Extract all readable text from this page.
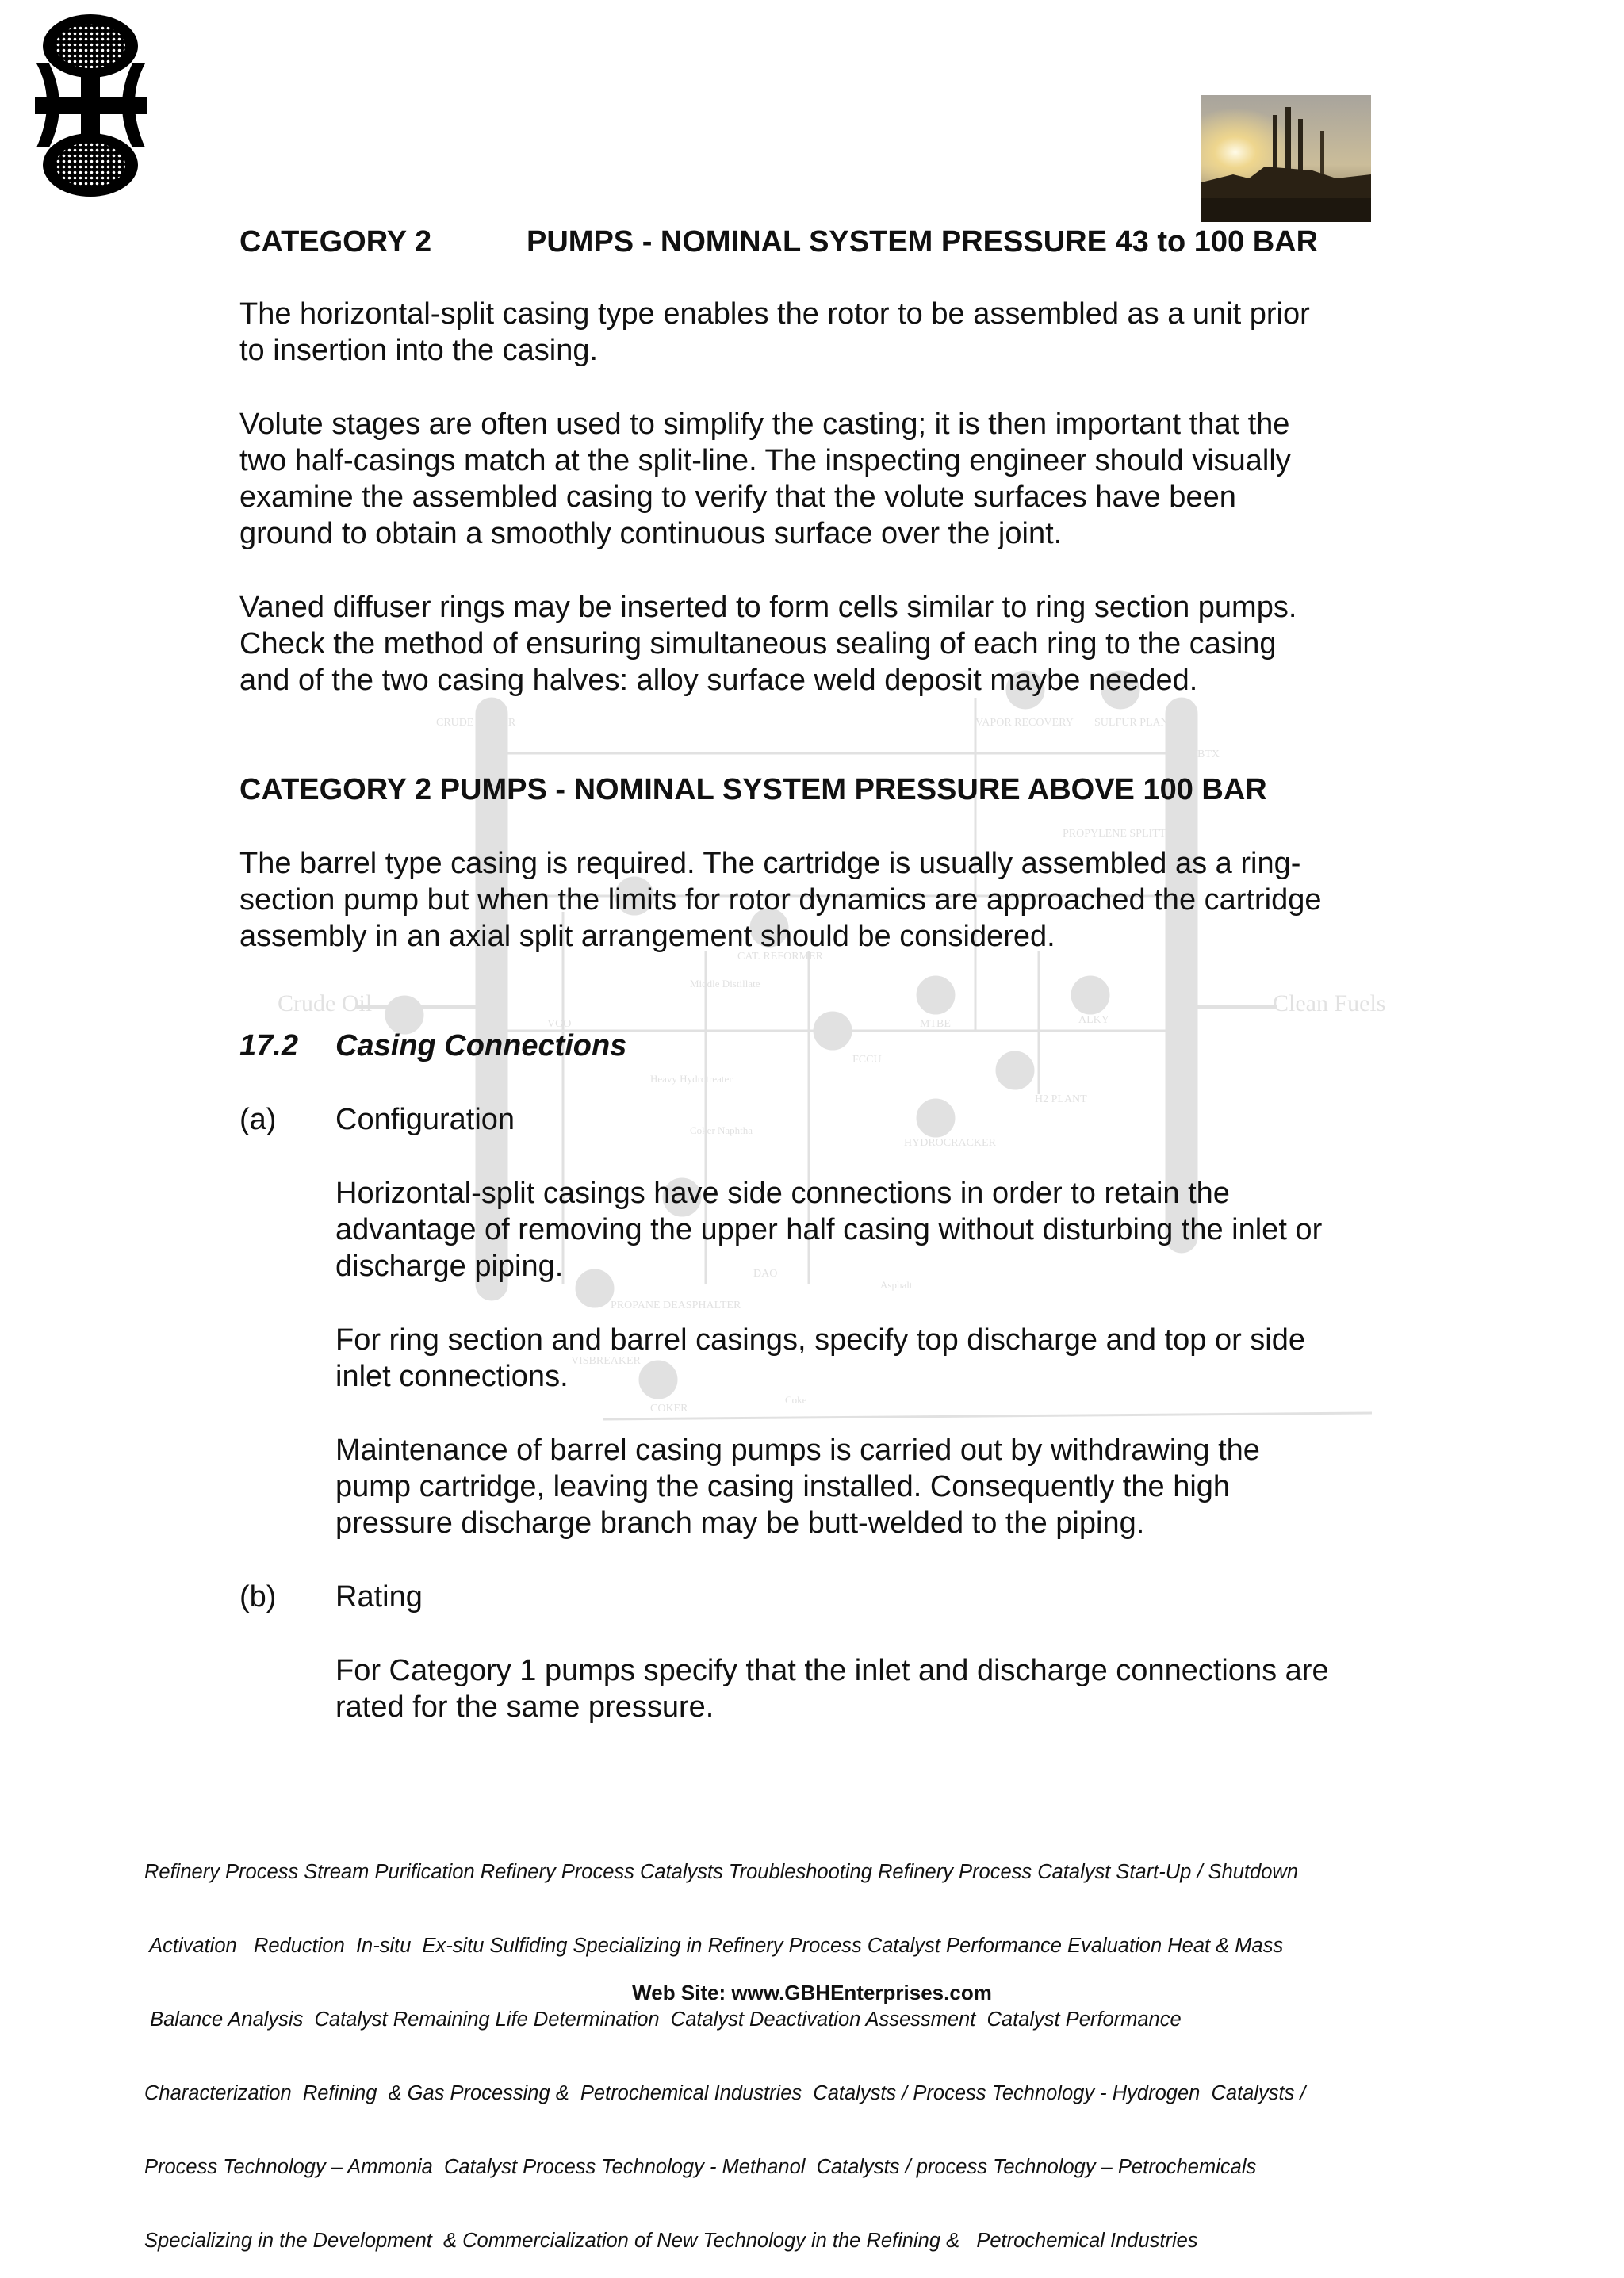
CRUDE TOWER	VAPOR RECOVERY SULFUR PLANT
BTX
PROPYLENE SPLITTER
CAT. REFORMER
Middle Distillate
Crude Oil	Clean Fuels
VGO	MTBE	ALKY
FCCU
Heavy Hydrotreater
H2 PLANT
Coker Naphtha
HYDROCRACKER
DAO
Asphalt
PROPANE DEASPHALTER
VISBREAKER
COKER
Coke
CATEGORY 2	PUMPS - NOMINAL SYSTEM PRESSURE 43 to 100 BAR
The horizontal-split casing type enables the rotor to be assembled as a unit prior
to insertion into the casing.
Volute stages are often used to simplify the casting; it is then important that the
two half-casings match at the split-line. The inspecting engineer should visually
examine the assembled casing to verify that the volute surfaces have been
ground to obtain a smoothly continuous surface over the joint.
Vaned diffuser rings may be inserted to form cells similar to ring section pumps.
Check the method of ensuring simultaneous sealing of each ring to the casing
and of the two casing halves: alloy surface weld deposit maybe needed.
CATEGORY 2 PUMPS - NOMINAL SYSTEM PRESSURE ABOVE 100 BAR
The barrel type casing is required. The cartridge is usually assembled as a ring-
section pump but when the limits for rotor dynamics are approached the cartridge
assembly in an axial split arrangement should be considered.
17.2 Casing Connections
(a) Configuration
Horizontal-split casings have side connections in order to retain the
advantage of removing the upper half casing without disturbing the inlet or
discharge piping.
For ring section and barrel casings, specify top discharge and top or side
inlet connections.
Maintenance of barrel casing pumps is carried out by withdrawing the
pump cartridge, leaving the casing installed. Consequently the high
pressure discharge branch may be butt-welded to the piping.
(b) Rating
For Category 1 pumps specify that the inlet and discharge connections are
rated for the same pressure.

Refinery Process Stream Purification Refinery Process Catalysts Troubleshooting Refinery Process Catalyst Start-Up / Shutdown

Activation   Reduction  In-situ  Ex-situ Sulfiding Specializing in Refinery Process Catalyst Performance Evaluation Heat & Mass

Balance Analysis  Catalyst Remaining Life Determination  Catalyst Deactivation Assessment  Catalyst Performance

Characterization  Refining  & Gas Processing &  Petrochemical Industries  Catalysts / Process Technology - Hydrogen  Catalysts /

Process Technology – Ammonia  Catalyst Process Technology - Methanol  Catalysts / process Technology – Petrochemicals

Specializing in the Development  & Commercialization of New Technology in the Refining &   Petrochemical Industries

Web Site: www.GBHEnterprises.com
